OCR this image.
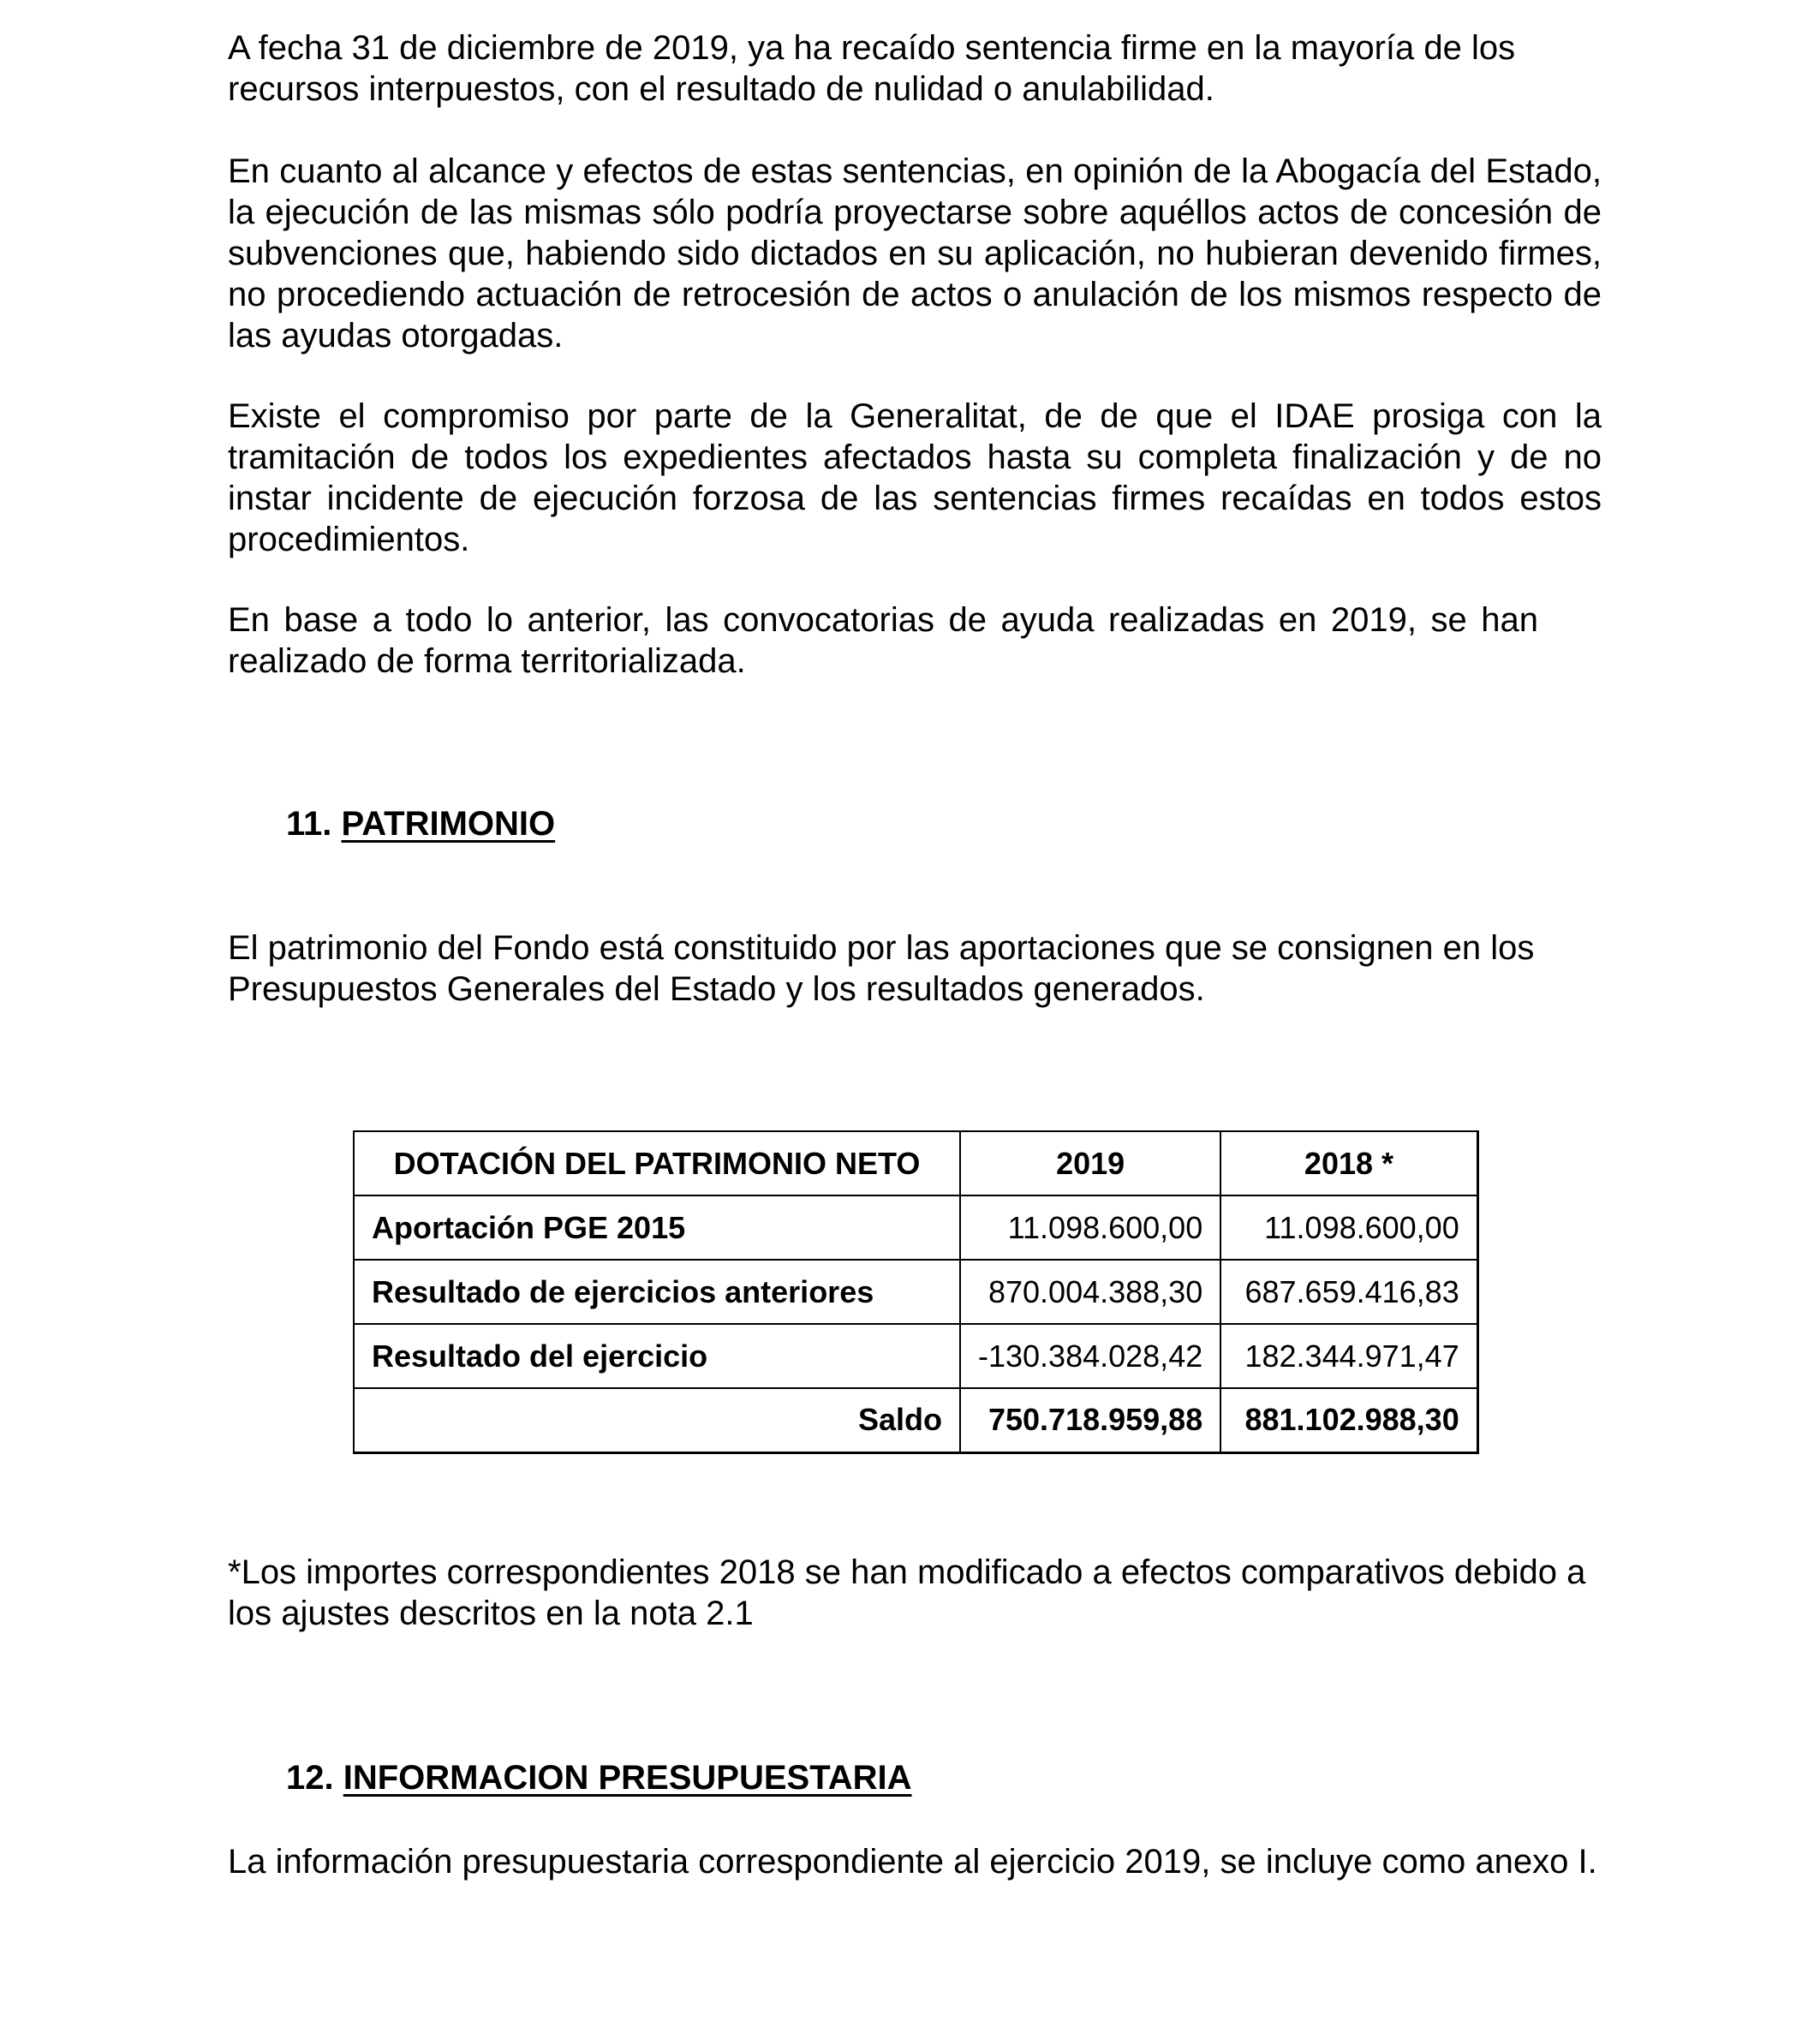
A fecha 31 de diciembre de 2019, ya ha recaído sentencia firme en la mayoría de los recursos interpuestos, con el resultado de nulidad o anulabilidad.

En cuanto al alcance y efectos de estas sentencias, en opinión de la Abogacía del Estado, la ejecución de las mismas sólo podría proyectarse sobre aquéllos actos de concesión de subvenciones que, habiendo sido dictados en su aplicación, no hubieran devenido firmes, no procediendo actuación de retrocesión de actos o anulación de los mismos respecto de las ayudas otorgadas.

Existe el compromiso por parte de la Generalitat, de de que el IDAE prosiga con la tramitación de todos los expedientes afectados hasta su completa finalización y de no instar incidente de ejecución forzosa de las sentencias firmes recaídas en todos estos procedimientos.

En base a todo lo anterior, las convocatorias de ayuda realizadas en 2019, se han realizado de forma territorializada.

11. PATRIMONIO

El patrimonio del Fondo está constituido por las aportaciones que se consignen en los Presupuestos Generales del Estado y los resultados generados.

DOTACIÓN DEL PATRIMONIO NETO	2019	2018 *
Aportación PGE 2015	11.098.600,00	11.098.600,00
Resultado de ejercicios anteriores	870.004.388,30	687.659.416,83
Resultado del ejercicio	-130.384.028,42	182.344.971,47
Saldo	750.718.959,88	881.102.988,30

*Los importes correspondientes 2018 se han modificado a efectos comparativos debido a los ajustes descritos en la nota 2.1

12. INFORMACION PRESUPUESTARIA

La información presupuestaria correspondiente al ejercicio 2019, se incluye como anexo I.
